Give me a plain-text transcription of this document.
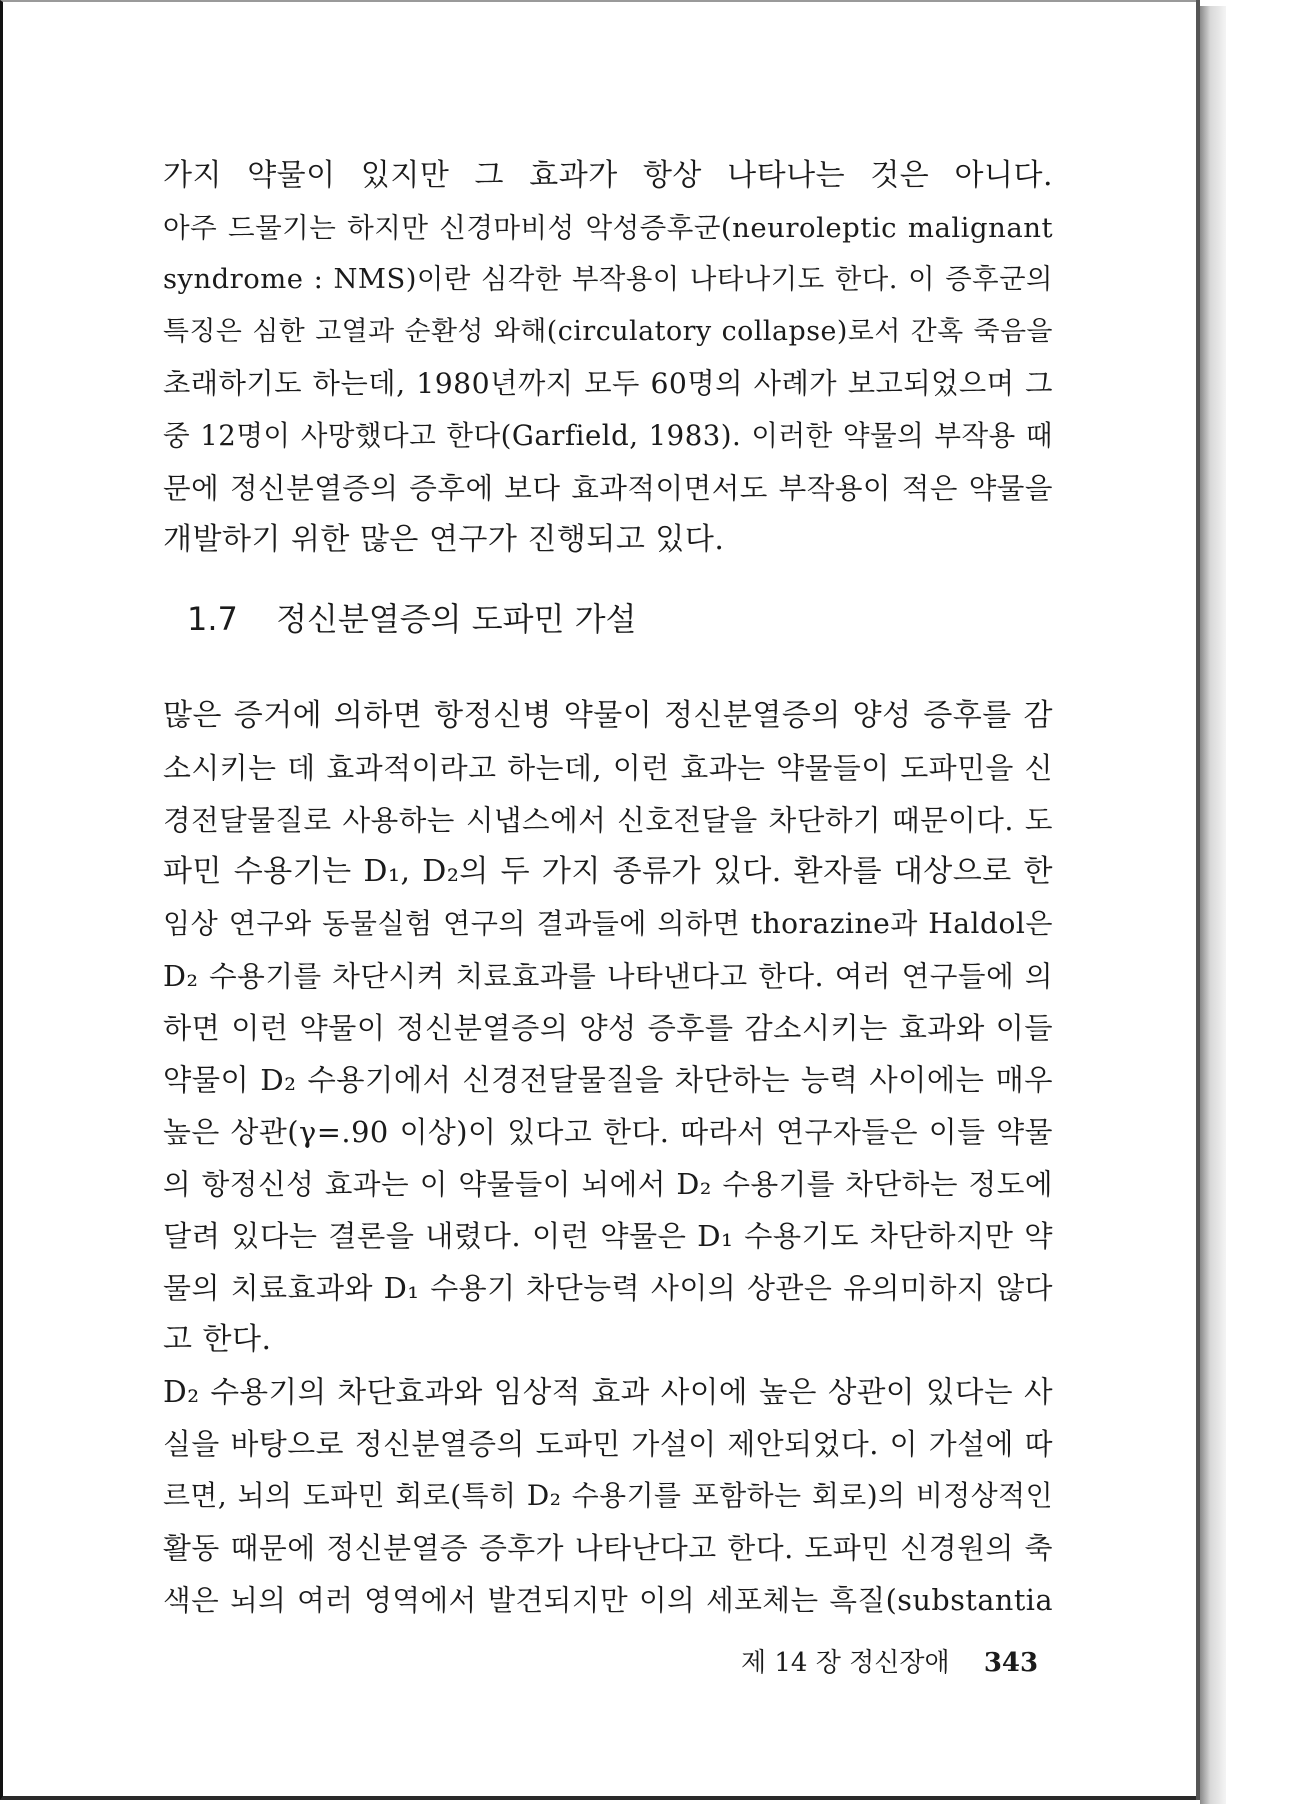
가지 약물이 있지만 그 효과가 항상 나타나는 것은 아니다.
아주 드물기는 하지만 신경마비성 악성증후군(neuroleptic malignant
syndrome : NMS)이란 심각한 부작용이 나타나기도 한다. 이 증후군의
특징은 심한 고열과 순환성 와해(circulatory collapse)로서 간혹 죽음을
초래하기도 하는데, 1980년까지 모두 60명의 사례가 보고되었으며 그
중 12명이 사망했다고 한다(Garfield, 1983). 이러한 약물의 부작용 때
문에 정신분열증의 증후에 보다 효과적이면서도 부작용이 적은 약물을
개발하기 위한 많은 연구가 진행되고 있다.
1.7 정신분열증의 도파민 가설
많은 증거에 의하면 항정신병 약물이 정신분열증의 양성 증후를 감
소시키는 데 효과적이라고 하는데, 이런 효과는 약물들이 도파민을 신
경전달물질로 사용하는 시냅스에서 신호전달을 차단하기 때문이다. 도
파민 수용기는 D₁, D₂의 두 가지 종류가 있다. 환자를 대상으로 한
임상 연구와 동물실험 연구의 결과들에 의하면 thorazine과 Haldol은
D₂ 수용기를 차단시켜 치료효과를 나타낸다고 한다. 여러 연구들에 의
하면 이런 약물이 정신분열증의 양성 증후를 감소시키는 효과와 이들
약물이 D₂ 수용기에서 신경전달물질을 차단하는 능력 사이에는 매우
높은 상관(γ=.90 이상)이 있다고 한다. 따라서 연구자들은 이들 약물
의 항정신성 효과는 이 약물들이 뇌에서 D₂ 수용기를 차단하는 정도에
달려 있다는 결론을 내렸다. 이런 약물은 D₁ 수용기도 차단하지만 약
물의 치료효과와 D₁ 수용기 차단능력 사이의 상관은 유의미하지 않다
고 한다.
D₂ 수용기의 차단효과와 임상적 효과 사이에 높은 상관이 있다는 사
실을 바탕으로 정신분열증의 도파민 가설이 제안되었다. 이 가설에 따
르면, 뇌의 도파민 회로(특히 D₂ 수용기를 포함하는 회로)의 비정상적인
활동 때문에 정신분열증 증후가 나타난다고 한다. 도파민 신경원의 축
색은 뇌의 여러 영역에서 발견되지만 이의 세포체는 흑질(substantia
제 14 장 정신장애 343
